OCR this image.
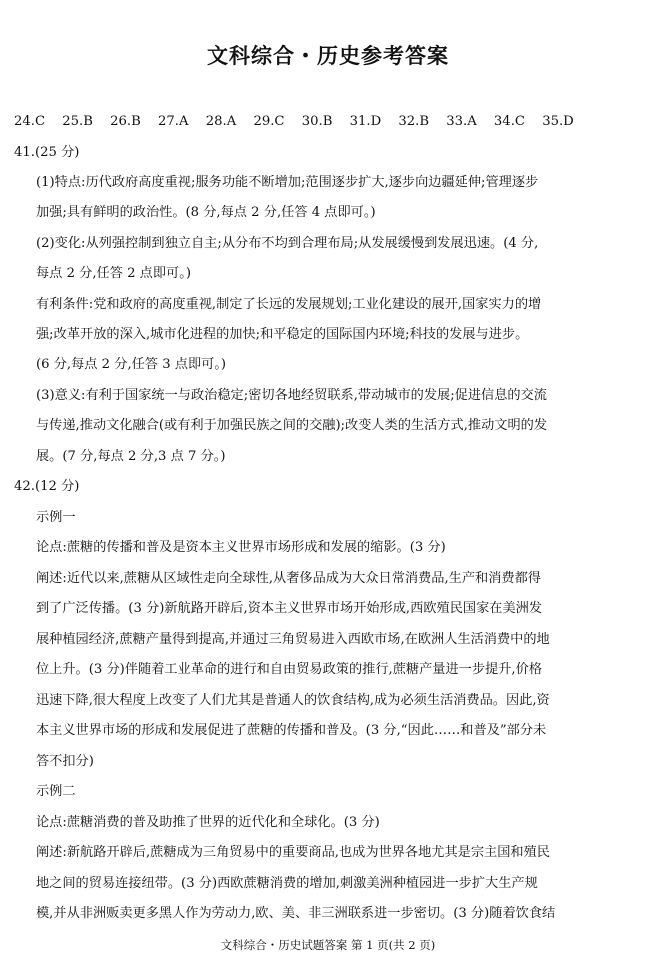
文科综合・历史参考答案
24.C 25.B 26.B 27.A 28.A 29.C 30.B 31.D 32.B 33.A 34.C 35.D
41.(25 分)
(1)特点:历代政府高度重视;服务功能不断增加;范围逐步扩大,逐步向边疆延伸;管理逐步
加强;具有鲜明的政治性。(8 分,每点 2 分,任答 4 点即可。)
(2)变化:从列强控制到独立自主;从分布不均到合理布局;从发展缓慢到发展迅速。(4 分,
每点 2 分,任答 2 点即可。)
有利条件:党和政府的高度重视,制定了长远的发展规划;工业化建设的展开,国家实力的增
强;改革开放的深入,城市化进程的加快;和平稳定的国际国内环境;科技的发展与进步。
(6 分,每点 2 分,任答 3 点即可。)
(3)意义:有利于国家统一与政治稳定;密切各地经贸联系,带动城市的发展;促进信息的交流
与传递,推动文化融合(或有利于加强民族之间的交融);改变人类的生活方式,推动文明的发
展。(7 分,每点 2 分,3 点 7 分。)
42.(12 分)
示例一
论点:蔗糖的传播和普及是资本主义世界市场形成和发展的缩影。(3 分)
阐述:近代以来,蔗糖从区域性走向全球性,从奢侈品成为大众日常消费品,生产和消费都得
到了广泛传播。(3 分)新航路开辟后,资本主义世界市场开始形成,西欧殖民国家在美洲发
展种植园经济,蔗糖产量得到提高,并通过三角贸易进入西欧市场,在欧洲人生活消费中的地
位上升。(3 分)伴随着工业革命的进行和自由贸易政策的推行,蔗糖产量进一步提升,价格
迅速下降,很大程度上改变了人们尤其是普通人的饮食结构,成为必须生活消费品。因此,资
本主义世界市场的形成和发展促进了蔗糖的传播和普及。(3 分,“因此……和普及”部分未
答不扣分)
示例二
论点:蔗糖消费的普及助推了世界的近代化和全球化。(3 分)
阐述:新航路开辟后,蔗糖成为三角贸易中的重要商品,也成为世界各地尤其是宗主国和殖民
地之间的贸易连接纽带。(3 分)西欧蔗糖消费的增加,刺激美洲种植园进一步扩大生产规
模,并从非洲贩卖更多黑人作为劳动力,欧、美、非三洲联系进一步密切。(3 分)随着饮食结
文科综合・历史试题答案 第 1 页(共 2 页)
